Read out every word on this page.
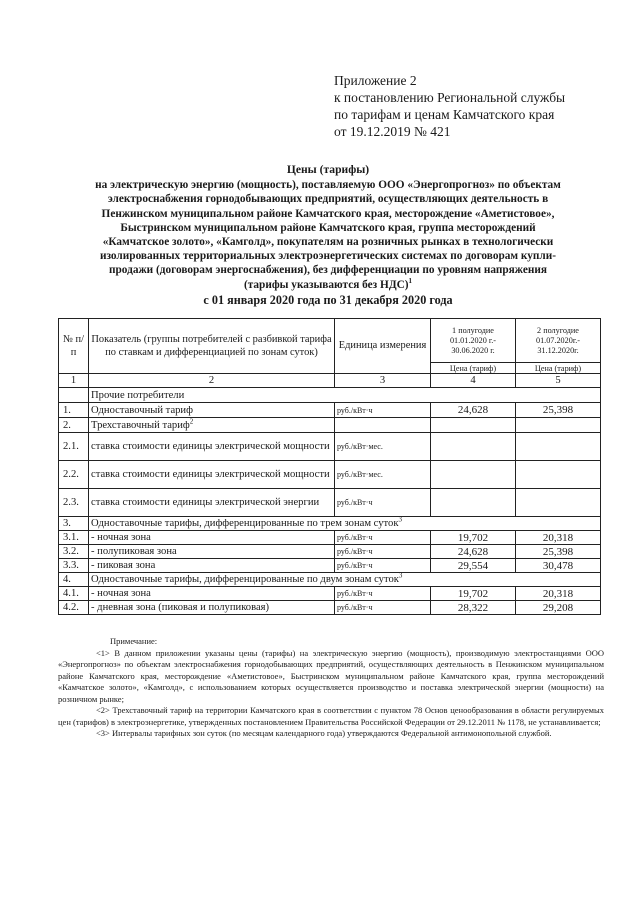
Приложение 2
к постановлению Региональной службы
по тарифам и ценам Камчатского края
от 19.12.2019 № 421
Цены (тарифы)
на электрическую энергию (мощность), поставляемую ООО «Энергопрогноз» по объектам
электроснабжения горнодобывающих предприятий, осуществляющих деятельность в
Пенжинском муниципальном районе Камчатского края, месторождение «Аметистовое»,
Быстринском муниципальном районе Камчатского края, группа месторождений
«Камчатское золото», «Камголд», покупателям на розничных рынках в технологически
изолированных территориальных электроэнергетических системах по договорам купли-
продажи (договорам энергоснабжения), без дифференциации по уровням напряжения
(тарифы указываются без НДС)$^1$
с 01 января 2020 года по 31 декабря 2020 года
№ п/п	Показатель (группы потребителей с разбивкой тарифа по ставкам и дифференциацией по зонам суток)	Единица измерения	1 полугодие 01.01.2020 г.- 30.06.2020 г.	2 полугодие 01.07.2020г.- 31.12.2020г.
			Цена (тариф)	Цена (тариф)
1	2	3	4	5
	Прочие потребители			
1.	Одноставочный тариф	руб./кВт·ч	24,628	25,398
2.	Трехставочный тариф$^2$			
2.1.	ставка стоимости единицы электрической мощности	руб./кВт·мес.		
2.2.	ставка стоимости единицы электрической мощности	руб./кВт·мес.		
2.3.	ставка стоимости единицы электрической энергии	руб./кВт·ч		
3.	Одноставочные тарифы, дифференцированные по трем зонам суток$^3$
3.1.	- ночная зона	руб./кВт·ч	19,702	20,318
3.2.	- полупиковая зона	руб./кВт·ч	24,628	25,398
3.3.	- пиковая зона	руб./кВт·ч	29,554	30,478
4.	Одноставочные тарифы, дифференцированные по двум зонам суток$^3$
4.1.	- ночная зона	руб./кВт·ч	19,702	20,318
4.2.	- дневная зона (пиковая и полупиковая)	руб./кВт·ч	28,322	29,208

Примечание:

<1> В данном приложении указаны цены (тарифы) на электрическую энергию (мощность), производимую электростанциями ООО «Энергопрогноз» по объектам электроснабжения горнодобывающих предприятий, осуществляющих деятельность в Пенжинском муниципальном районе Камчатского края, месторождение «Аметистовое», Быстринском муниципальном районе Камчатского края, группа месторождений «Камчатское золото», «Камголд», с использованием которых осуществляется производство и поставка электрической энергии (мощности) на розничном рынке;

<2> Трехставочный тариф на территории Камчатского края в соответствии с пунктом 78 Основ ценообразования в области регулируемых цен (тарифов) в электроэнергетике, утвержденных постановлением Правительства Российской Федерации от 29.12.2011 № 1178, не устанавливается;

<3> Интервалы тарифных зон суток (по месяцам календарного года) утверждаются Федеральной антимонопольной службой.
